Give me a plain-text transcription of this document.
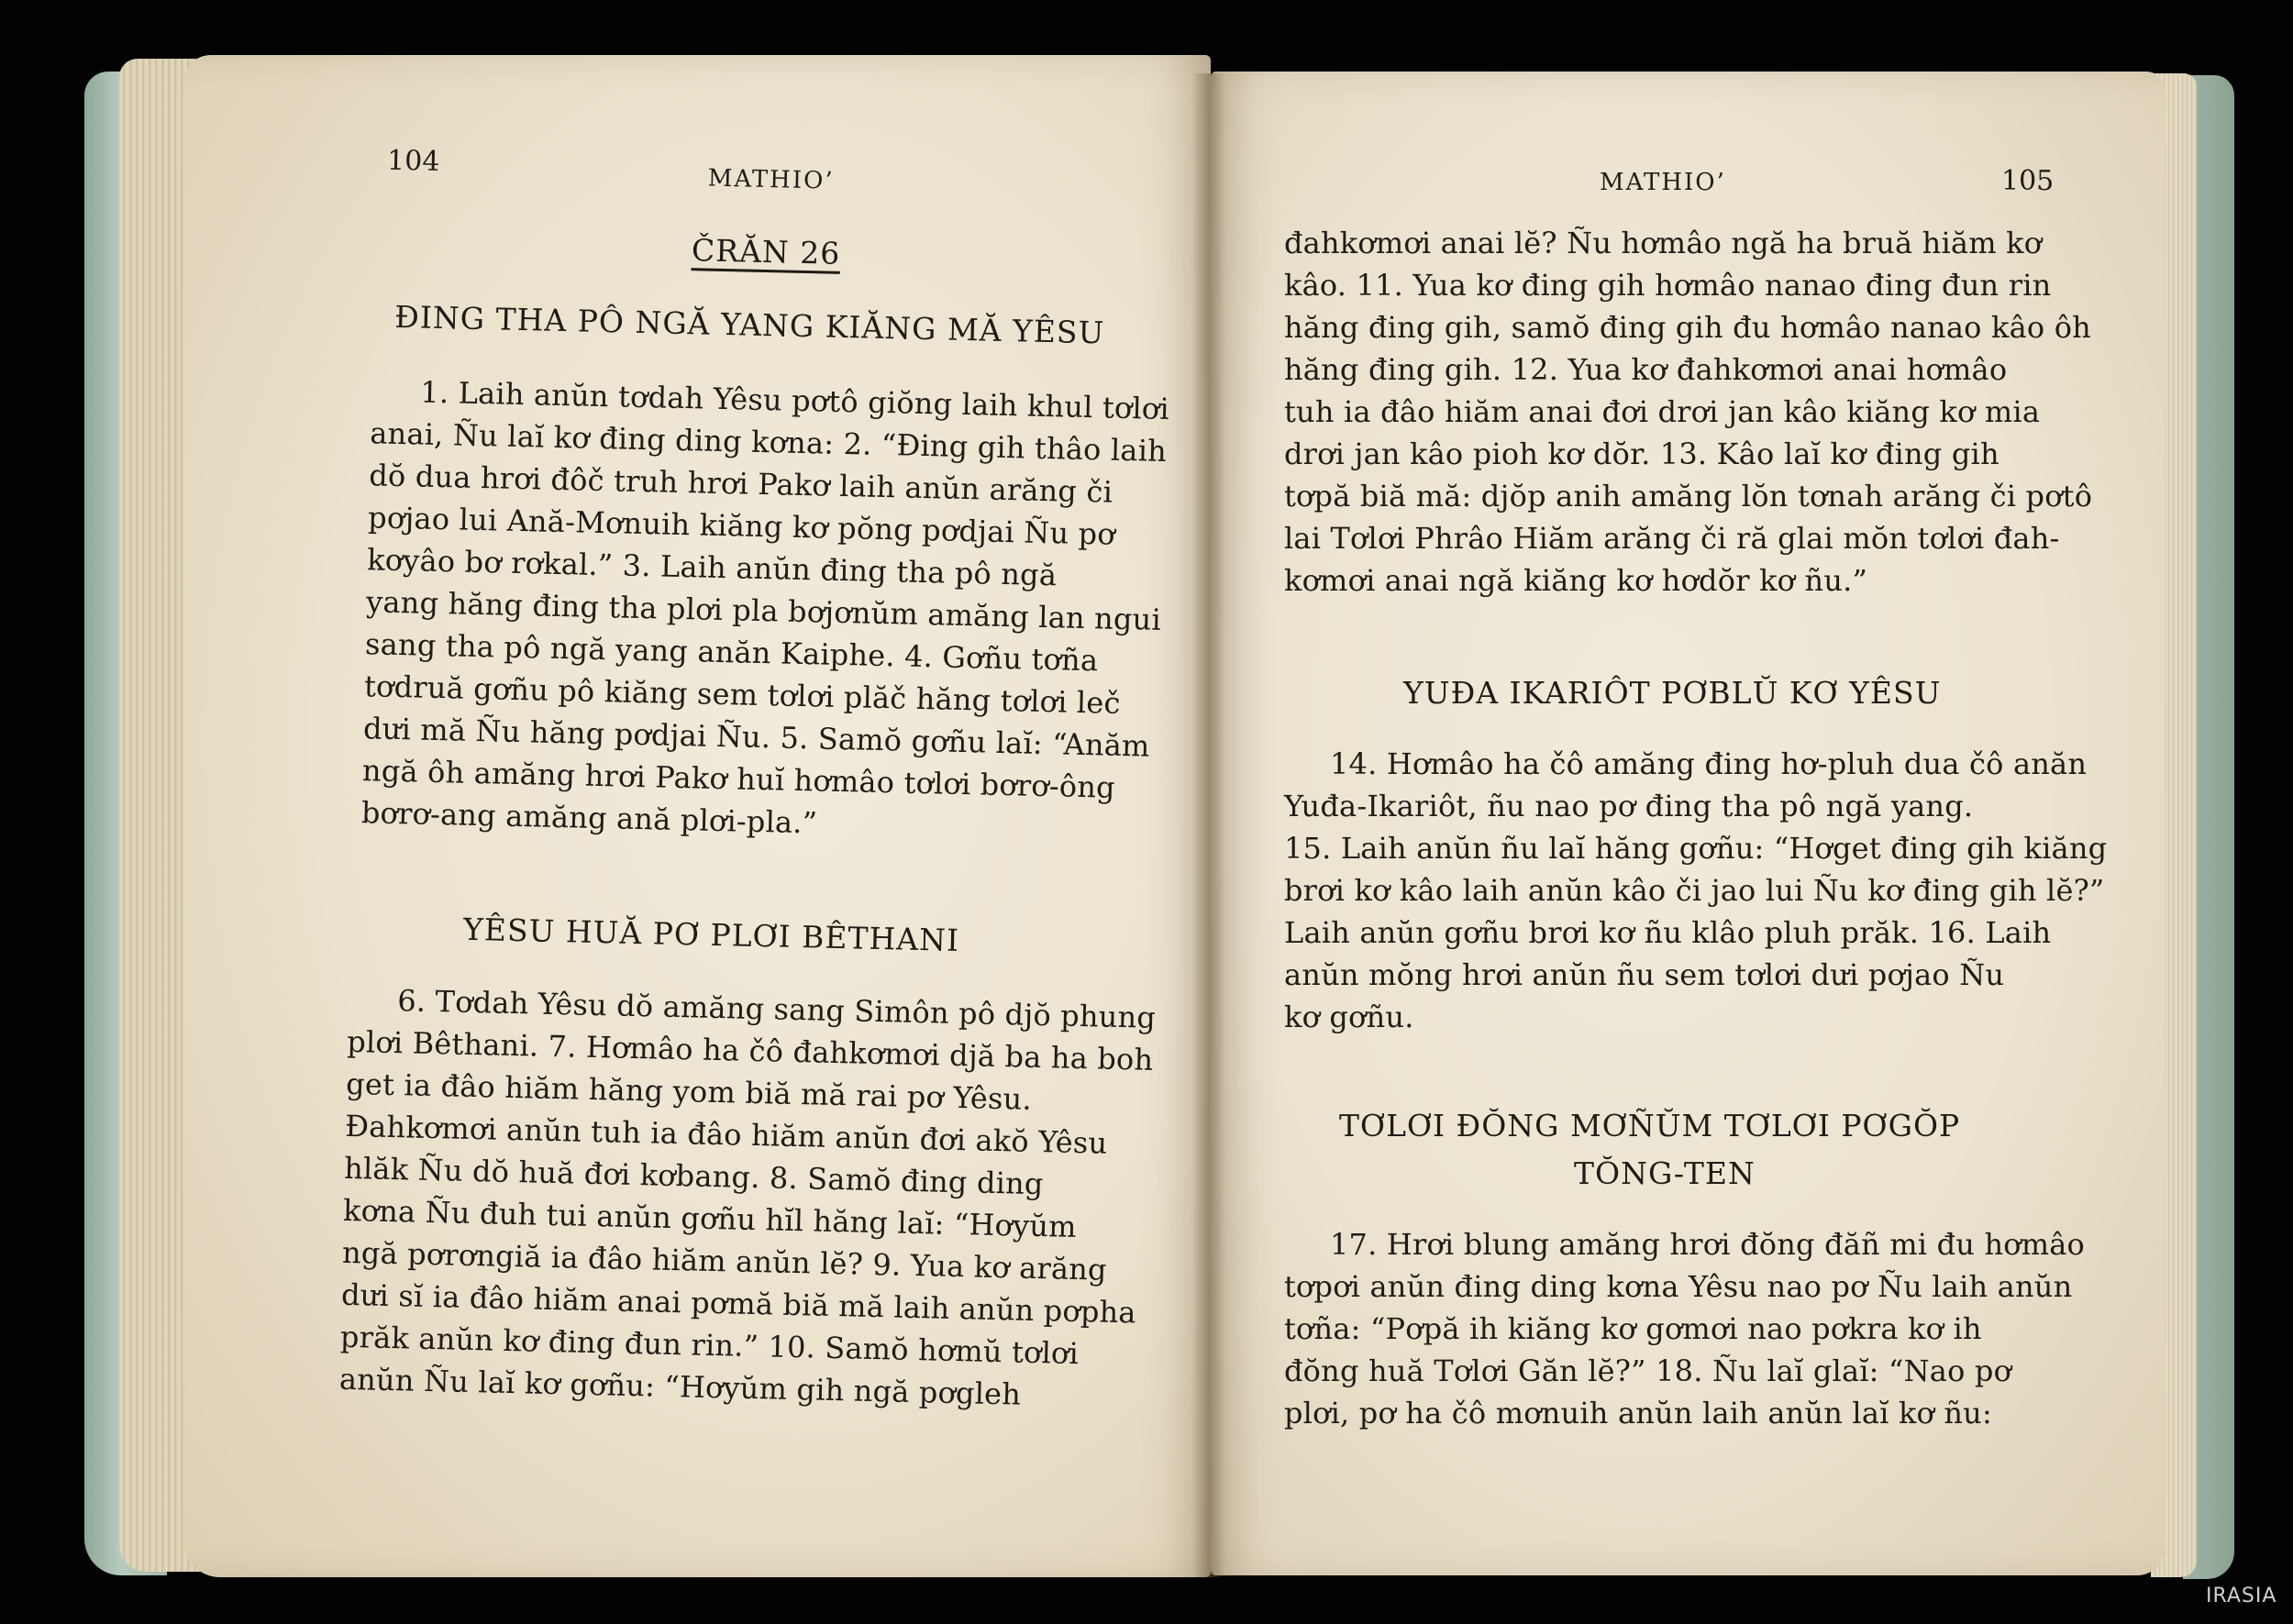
104
MATHIO’
ČRĂN 26
ĐING THA PÔ NGĂ YANG KIĂNG MĂ YÊSU
1. Laih anŭn tơdah Yêsu pơtô giŏng laih khul tơlơi
anai, Ñu laĭ kơ đing ding kơna: 2. “Đing gih thâo laih
dŏ dua hrơi đôč truh hrơi Pakơ laih anŭn arăng či
pơjao lui Ană-Mơnuih kiăng kơ pŏng pơdjai Ñu pơ
kơyâo bơ rơkal.” 3. Laih anŭn đing tha pô ngă
yang hăng đing tha plơi pla bơjơnŭm amăng lan ngui
sang tha pô ngă yang anăn Kaiphe. 4. Gơñu tơña
tơdruă gơñu pô kiăng sem tơlơi plăč hăng tơlơi leč
dưi mă Ñu hăng pơdjai Ñu. 5. Samŏ gơñu laĭ: “Anăm
ngă ôh amăng hrơi Pakơ huĭ hơmâo tơlơi bơrơ-ông
bơrơ-ang amăng ană plơi-pla.”
YÊSU HUĂ PƠ PLƠI BÊTHANI
6. Tơdah Yêsu dŏ amăng sang Simôn pô djŏ phung
plơi Bêthani. 7. Hơmâo ha čô đahkơmơi djă ba ha boh
get ia đâo hiăm hăng yom biă mă rai pơ Yêsu.
Đahkơmơi anŭn tuh ia đâo hiăm anŭn đơi akŏ Yêsu
hlăk Ñu dŏ huă đơi kơbang. 8. Samŏ đing ding
kơna Ñu đuh tui anŭn gơñu hĭl hăng laĭ: “Hơyŭm
ngă pơrơngiă ia đâo hiăm anŭn lĕ? 9. Yua kơ arăng
dưi sĭ ia đâo hiăm anai pơmă biă mă laih anŭn pơpha
prăk anŭn kơ đing đun rin.” 10. Samŏ hơmŭ tơlơi
anŭn Ñu laĭ kơ gơñu: “Hơyŭm gih ngă pơgleh
MATHIO’	105
đahkơmơi anai lĕ? Ñu hơmâo ngă ha bruă hiăm kơ
kâo. 11. Yua kơ đing gih hơmâo nanao đing đun rin
hăng đing gih, samŏ đing gih đu hơmâo nanao kâo ôh
hăng đing gih. 12. Yua kơ đahkơmơi anai hơmâo
tuh ia đâo hiăm anai đơi drơi jan kâo kiăng kơ mia
drơi jan kâo pioh kơ dŏr. 13. Kâo laĭ kơ đing gih
tơpă biă mă: djŏp anih amăng lŏn tơnah arăng či pơtô
lai Tơlơi Phrâo Hiăm arăng či ră glai mŏn tơlơi đah-
kơmơi anai ngă kiăng kơ hơdŏr kơ ñu.”
YUĐA IKARIÔT PƠBLŬ KƠ YÊSU
14. Hơmâo ha čô amăng đing hơ-pluh dua čô anăn
Yuđa-Ikariôt, ñu nao pơ đing tha pô ngă yang.
15. Laih anŭn ñu laĭ hăng gơñu: “Hơget đing gih kiăng
brơi kơ kâo laih anŭn kâo či jao lui Ñu kơ đing gih lĕ?”
Laih anŭn gơñu brơi kơ ñu klâo pluh prăk. 16. Laih
anŭn mŏng hrơi anŭn ñu sem tơlơi dưi pơjao Ñu
kơ gơñu.
TƠLƠI ĐŎNG MƠÑŬM TƠLƠI PƠGŎP
TŎNG-TEN
17. Hrơi blung amăng hrơi đŏng đăñ mi đu hơmâo
tơpơi anŭn đing ding kơna Yêsu nao pơ Ñu laih anŭn
tơña: “Pơpă ih kiăng kơ gơmơi nao pơkra kơ ih
đŏng huă Tơlơi Găn lĕ?” 18. Ñu laĭ glaĭ: “Nao pơ
plơi, pơ ha čô mơnuih anŭn laih anŭn laĭ kơ ñu:
IRASIA
